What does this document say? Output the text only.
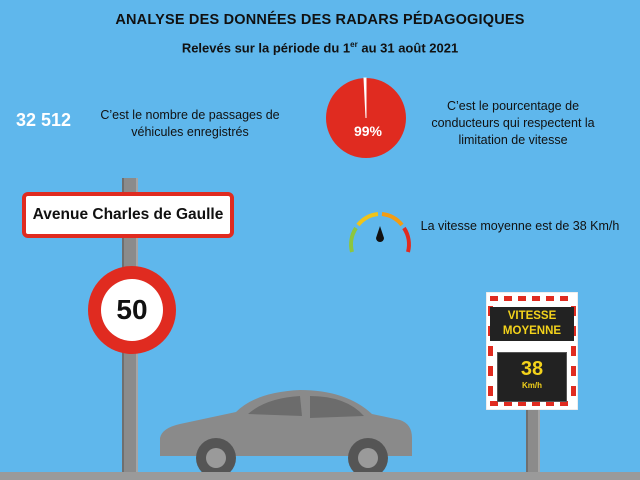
ANALYSE DES DONNÉES DES RADARS PÉDAGOGIQUES
Relevés sur la période du 1er au 31 août 2021
32 512 C’est le nombre de passages de véhicules enregistrés	99%
C’est le pourcentage de conducteurs qui respectent la limitation de vitesse
La vitesse moyenne est de 38 Km/h
Avenue Charles de Gaulle
50	VITESSE
MOYENNE
38
Km/h
